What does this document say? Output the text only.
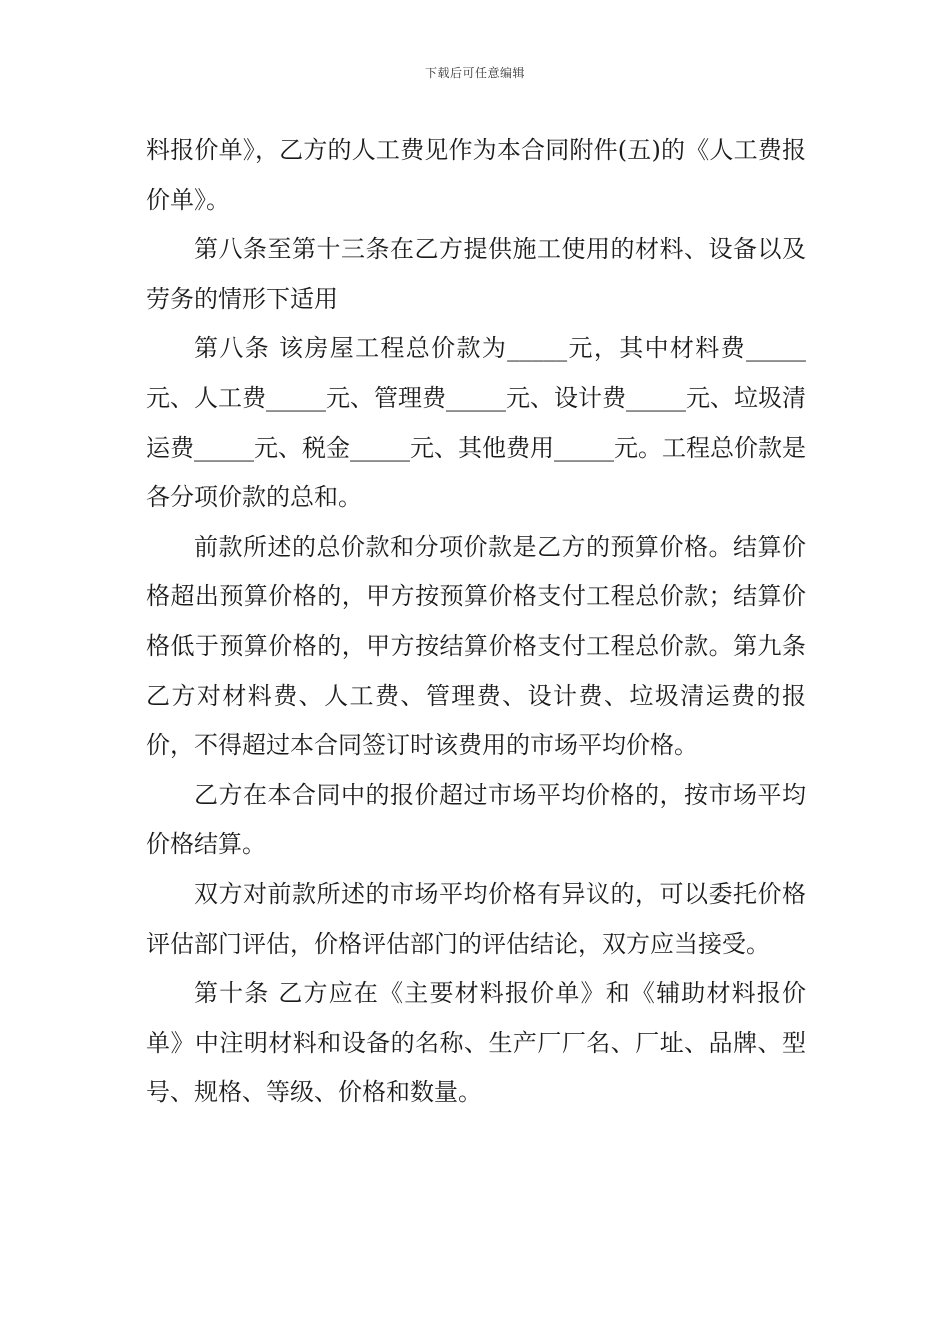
下载后可任意编辑

料报价单》，乙方的人工费见作为本合同附件(五)的《人工费报价单》。

第八条至第十三条在乙方提供施工使用的材料、设备以及劳务的情形下适用

第八条 该房屋工程总价款为_____元，其中材料费_____元、人工费_____元、管理费_____元、设计费_____元、垃圾清运费_____元、税金_____元、其他费用_____元。工程总价款是各分项价款的总和。

前款所述的总价款和分项价款是乙方的预算价格。结算价格超出预算价格的，甲方按预算价格支付工程总价款；结算价格低于预算价格的，甲方按结算价格支付工程总价款。第九条乙方对材料费、人工费、管理费、设计费、垃圾清运费的报价，不得超过本合同签订时该费用的市场平均价格。

乙方在本合同中的报价超过市场平均价格的，按市场平均价格结算。

双方对前款所述的市场平均价格有异议的，可以委托价格评估部门评估，价格评估部门的评估结论，双方应当接受。

第十条 乙方应在《主要材料报价单》和《辅助材料报价单》中注明材料和设备的名称、生产厂厂名、厂址、品牌、型号、规格、等级、价格和数量。
